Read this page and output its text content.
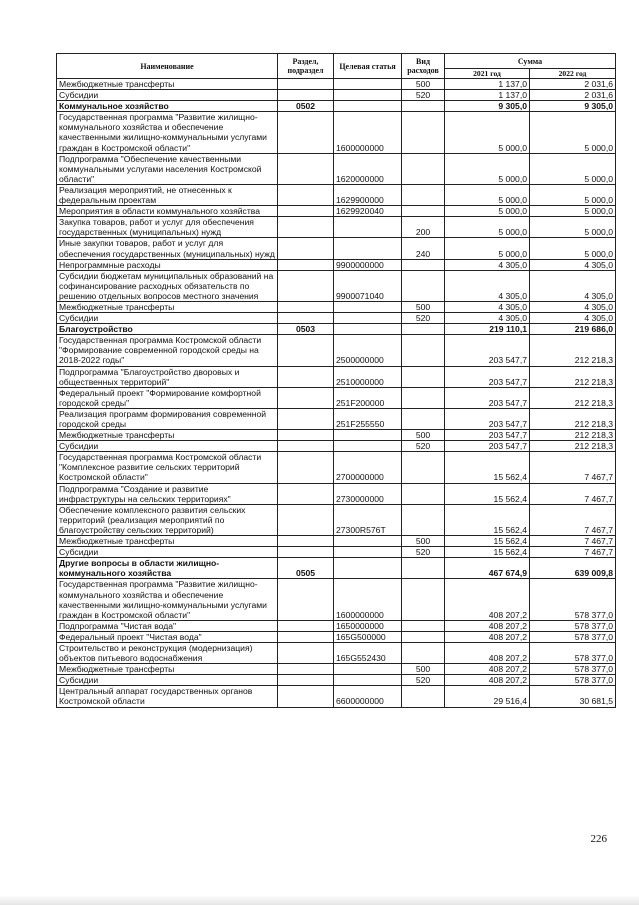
Наименование	Раздел, подраздел	Целевая статья	Вид расходов	Сумма	
				2021 год	2022 год
Межбюджетные трансферты			500	1 137,0	2 031,6
Субсидии			520	1 137,0	2 031,6
Коммунальное хозяйство	0502			9 305,0	9 305,0
Государственная программа "Развитие жилищно-коммунального хозяйства и обеспечение качественными жилищно-коммунальными услугами граждан в Костромской области"		1600000000		5 000,0	5 000,0
Подпрограмма "Обеспечение качественными коммунальными услугами населения Костромской области"		1620000000		5 000,0	5 000,0
Реализация мероприятий, не отнесенных к федеральным проектам		1629900000		5 000,0	5 000,0
Мероприятия в области коммунального хозяйства		1629920040		5 000,0	5 000,0
Закупка товаров, работ и услуг для обеспечения государственных (муниципальных) нужд			200	5 000,0	5 000,0
Иные закупки товаров, работ и услуг для обеспечения государственных (муниципальных) нужд			240	5 000,0	5 000,0
Непрограммные расходы		9900000000		4 305,0	4 305,0
Субсидии бюджетам муниципальных образований на софинансирование расходных обязательств по решению отдельных вопросов местного значения		9900071040		4 305,0	4 305,0
Межбюджетные трансферты			500	4 305,0	4 305,0
Субсидии			520	4 305,0	4 305,0
Благоустройство	0503			219 110,1	219 686,0
Государственная программа Костромской области "Формирование современной городской среды на 2018-2022 годы"		2500000000		203 547,7	212 218,3
Подпрограмма "Благоустройство дворовых и общественных территорий"		2510000000		203 547,7	212 218,3
Федеральный проект "Формирование комфортной городской среды"		251F200000		203 547,7	212 218,3
Реализация программ формирования современной городской среды		251F255550		203 547,7	212 218,3
Межбюджетные трансферты			500	203 547,7	212 218,3
Субсидии			520	203 547,7	212 218,3
Государственная программа Костромской области "Комплексное развитие сельских территорий Костромской области"		2700000000		15 562,4	7 467,7
Подпрограмма "Создание и развитие инфраструктуры на сельских территориях"		2730000000		15 562,4	7 467,7
Обеспечение комплексного развития сельских территорий (реализация мероприятий по благоустройству сельских территорий)		27300R576T		15 562,4	7 467,7
Межбюджетные трансферты			500	15 562,4	7 467,7
Субсидии			520	15 562,4	7 467,7
Другие вопросы в области жилищно-коммунального хозяйства	0505			467 674,9	639 009,8
Государственная программа "Развитие жилищно-коммунального хозяйства и обеспечение качественными жилищно-коммунальными услугами граждан в Костромской области"		1600000000		408 207,2	578 377,0
Подпрограмма "Чистая вода"		1650000000		408 207,2	578 377,0
Федеральный проект "Чистая вода"		165G500000		408 207,2	578 377,0
Строительство и реконструкция (модернизация) объектов питьевого водоснабжения		165G552430		408 207,2	578 377,0
Межбюджетные трансферты			500	408 207,2	578 377,0
Субсидии			520	408 207,2	578 377,0
Центральный аппарат государственных органов Костромской области		6600000000		29 516,4	30 681,5
226
